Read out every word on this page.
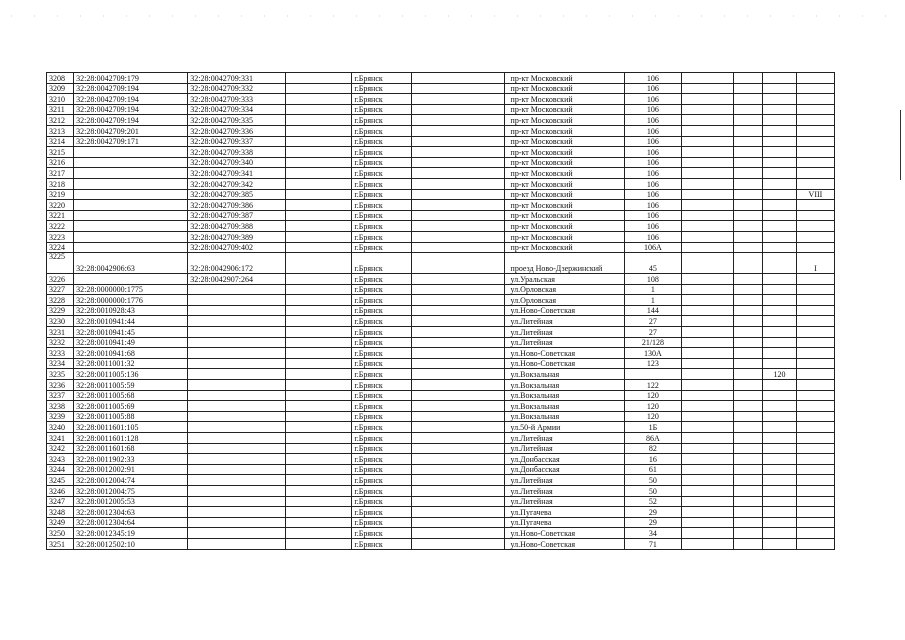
3208	32:28:0042709:179	32:28:0042709:331		г.Брянск		пр-кт Московский	106				
3209	32:28:0042709:194	32:28:0042709:332		г.Брянск		пр-кт Московский	106				
3210	32:28:0042709:194	32:28:0042709:333		г.Брянск		пр-кт Московский	106				
3211	32:28:0042709:194	32:28:0042709:334		г.Брянск		пр-кт Московский	106				
3212	32:28:0042709:194	32:28:0042709:335		г.Брянск		пр-кт Московский	106				
3213	32:28:0042709:201	32:28:0042709:336		г.Брянск		пр-кт Московский	106				
3214	32:28:0042709:171	32:28:0042709:337		г.Брянск		пр-кт Московский	106				
3215		32:28:0042709:338		г.Брянск		пр-кт Московский	106				
3216		32:28:0042709:340		г.Брянск		пр-кт Московский	106				
3217		32:28:0042709:341		г.Брянск		пр-кт Московский	106				
3218		32:28:0042709:342		г.Брянск		пр-кт Московский	106				
3219		32:28:0042709:385		г.Брянск		пр-кт Московский	106				VIII
3220		32:28:0042709:386		г.Брянск		пр-кт Московский	106				
3221		32:28:0042709:387		г.Брянск		пр-кт Московский	106				
3222		32:28:0042709:388		г.Брянск		пр-кт Московский	106				
3223		32:28:0042709:389		г.Брянск		пр-кт Московский	106				
3224		32:28:0042709:402		г.Брянск		пр-кт Московский	106А				
3225	32:28:0042906:63	32:28:0042906:172		г.Брянск		проезд Ново-Дзержинский	45				I
3226		32:28:0042907:264		г.Брянск		ул.Уральская	108				
3227	32:28:0000000:1775			г.Брянск		ул.Орловская	1				
3228	32:28:0000000:1776			г.Брянск		ул.Орловская	1				
3229	32:28:0010928:43			г.Брянск		ул.Ново-Советская	144				
3230	32:28:0010941:44			г.Брянск		ул.Литейная	27				
3231	32:28:0010941:45			г.Брянск		ул.Литейная	27				
3232	32:28:0010941:49			г.Брянск		ул.Литейная	21/128				
3233	32:28:0010941:68			г.Брянск		ул.Ново-Советская	130А				
3234	32:28:0011001:32			г.Брянск		ул.Ново-Советская	123				
3235	32:28:0011005:136			г.Брянск		ул.Вокзальная				120	
3236	32:28:0011005:59			г.Брянск		ул.Вокзальная	122				
3237	32:28:0011005:68			г.Брянск		ул.Вокзальная	120				
3238	32:28:0011005:69			г.Брянск		ул.Вокзальная	120				
3239	32:28:0011005:88			г.Брянск		ул.Вокзальная	120				
3240	32:28:0011601:105			г.Брянск		ул.50-й Армии	1Б				
3241	32:28:0011601:128			г.Брянск		ул.Литейная	86А				
3242	32:28:0011601:68			г.Брянск		ул.Литейная	82				
3243	32:28:0011902:33			г.Брянск		ул.Донбасская	16				
3244	32:28:0012002:91			г.Брянск		ул.Донбасская	61				
3245	32:28:0012004:74			г.Брянск		ул.Литейная	50				
3246	32:28:0012004:75			г.Брянск		ул.Литейная	50				
3247	32:28:0012005:53			г.Брянск		ул.Литейная	52				
3248	32:28:0012304:63			г.Брянск		ул.Пугачева	29				
3249	32:28:0012304:64			г.Брянск		ул.Пугачева	29				
3250	32:28:0012345:19			г.Брянск		ул.Ново-Советская	34				
3251	32:28:0012502:10			г.Брянск		ул.Ново-Советская	71				
